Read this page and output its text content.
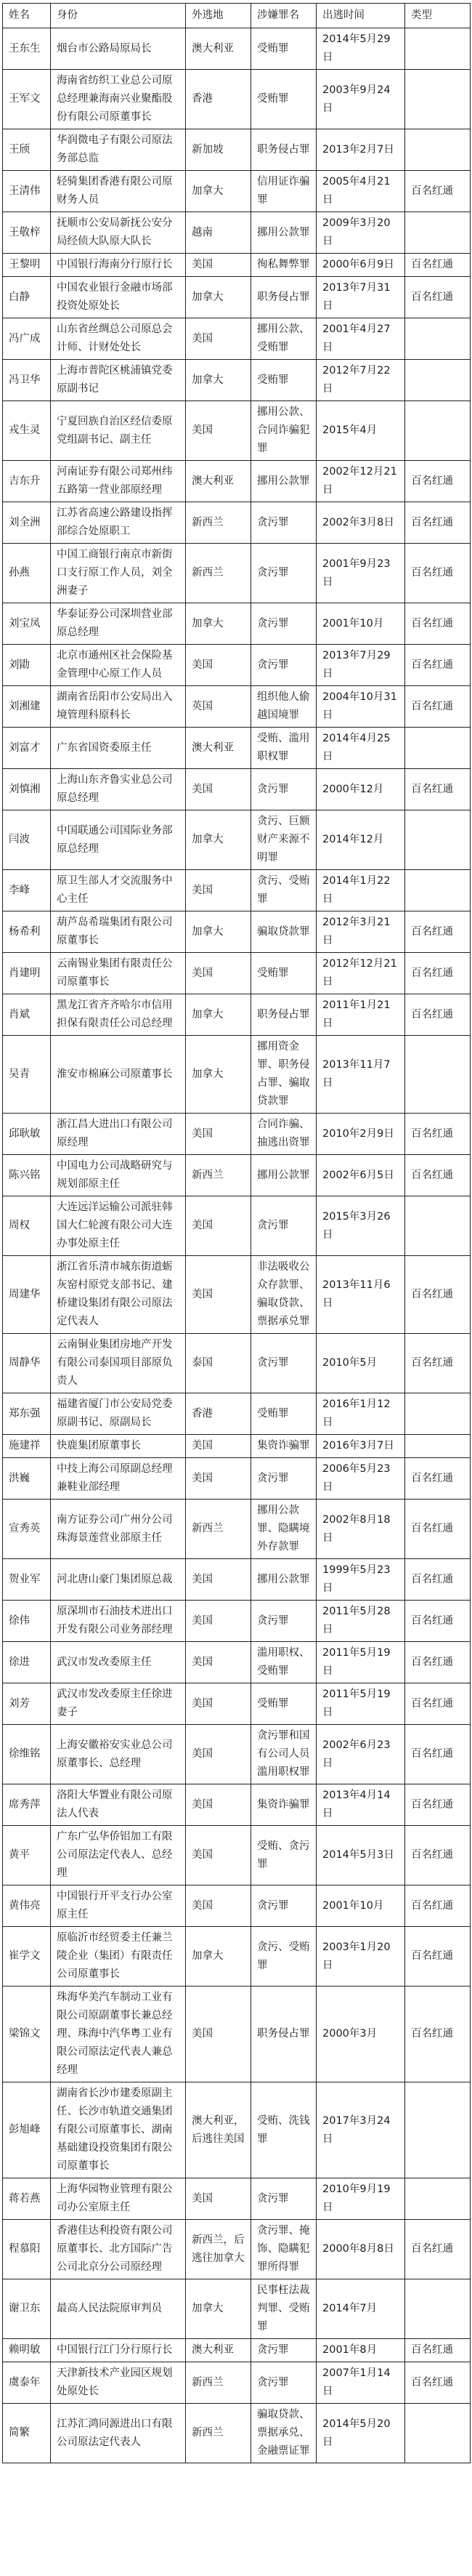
姓名	身份	外逃地	涉嫌罪名	出逃时间	类型
王东生	烟台市公路局原局长	澳大利亚	受贿罪	2014年5月29日	
王军文	海南省纺织工业总公司原总经理兼海南兴业聚酯股份有限公司原董事长	香港	受贿罪	2003年9月24日	
王颀	华润微电子有限公司原法务部总监	新加坡	职务侵占罪	2013年2月7日	
王清伟	轻骑集团香港有限公司原财务人员	加拿大	信用证诈骗罪	2005年4月21日	百名红通
王敬梓	抚顺市公安局新抚公安分局经侦大队原大队长	越南	挪用公款罪	2009年3月20日	
王黎明	中国银行海南分行原行长	美国	徇私舞弊罪	2000年6月9日	百名红通
白静	中国农业银行金融市场部投资处原处长	加拿大	职务侵占罪	2013年7月31日	百名红通
冯广成	山东省丝绸总公司原总会计师、计财处处长	美国	挪用公款、受贿罪	2001年4月27日	
冯卫华	上海市普陀区桃浦镇党委原副书记	加拿大	受贿罪	2012年7月22日	
戎生灵	宁夏回族自治区经信委原党组副书记、副主任	美国	挪用公款、合同诈骗犯罪	2015年4月	
吉东升	河南证券有限公司郑州纬五路第一营业部原经理	澳大利亚	挪用公款罪	2002年12月21日	百名红通
刘全洲	江苏省高速公路建设指挥部综合处原职工	新西兰	贪污罪	2002年3月8日	百名红通
孙燕	中国工商银行南京市新街口支行原工作人员，刘全洲妻子	新西兰	贪污罪	2001年9月23日	百名红通
刘宝凤	华泰证券公司深圳营业部原总经理	加拿大	贪污罪	2001年10月	百名红通
刘勖	北京市通州区社会保险基金管理中心原工作人员	美国	贪污罪	2013年7月29日	百名红通
刘湘建	湖南省岳阳市公安局出入境管理科原科长	英国	组织他人偷越国境罪	2004年10月31日	百名红通
刘富才	广东省国资委原主任	澳大利亚	受贿、滥用职权罪	2014年4月25日	
刘慎湘	上海山东齐鲁实业总公司原总经理	美国	贪污罪	2000年12月	百名红通
闫波	中国联通公司国际业务部原总经理	加拿大	贪污、巨额财产来源不明罪	2014年12月	
李峰	原卫生部人才交流服务中心主任	美国	贪污、受贿罪	2014年1月22日	
杨希利	葫芦岛希瑞集团有限公司原董事长	加拿大	骗取贷款罪	2012年3月21日	百名红通
肖建明	云南锡业集团有限责任公司原董事长	美国	受贿罪	2012年12月21日	百名红通
肖斌	黑龙江省齐齐哈尔市信用担保有限责任公司总经理	加拿大	职务侵占罪	2011年1月21日	百名红通
吴青	淮安市棉麻公司原董事长	加拿大	挪用资金罪、职务侵占罪、骗取贷款罪	2013年11月7日	
邱耿敏	浙江昌大进出口有限公司原经理	美国	合同诈骗、抽逃出资罪	2010年2月9日	百名红通
陈兴铭	中国电力公司战略研究与规划部原主任	新西兰	挪用公款罪	2002年6月5日	百名红通
周权	大连远洋运输公司派驻韩国大仁轮渡有限公司大连办事处原主任	美国	贪污罪	2015年3月26日	
周建华	浙江省乐清市城东街道蛎灰窑村原党支部书记、建桥建设集团有限公司原法定代表人	美国	非法吸收公众存款罪、骗取贷款、票据承兑罪	2013年11月6日	百名红通
周静华	云南铜业集团房地产开发有限公司泰国项目部原负责人	泰国	贪污罪	2010年5月	百名红通
郑东强	福建省厦门市公安局党委原副书记、原副局长	香港	受贿罪	2016年1月12日	
施建祥	快鹿集团原董事长	美国	集资诈骗罪	2016年3月7日	
洪巍	中技上海公司原副总经理兼鞋业部经理	美国	贪污罪	2006年5月23日	百名红通
宣秀英	南方证券公司广州分公司珠海景莲营业部原主任	新西兰	挪用公款罪、隐瞒境外存款罪	2002年8月18日	百名红通
贺业军	河北唐山豪门集团原总裁	美国	挪用公款罪	1999年5月23日	百名红通
徐伟	原深圳市石油技术进出口开发有限公司业务部经理	美国	贪污罪	2011年5月28日	百名红通
徐进	武汉市发改委原主任	美国	滥用职权、受贿罪	2011年5月19日	百名红通
刘芳	武汉市发改委原主任徐进妻子	美国	受贿罪	2011年5月19日	百名红通
徐维铭	上海安徽裕安实业总公司原董事长、总经理	美国	贪污罪和国有公司人员滥用职权罪	2002年6月23日	百名红通
席秀萍	洛阳大华置业有限公司原法人代表	美国	集资诈骗罪	2013年4月14日	百名红通
黄平	广东广弘华侨铝加工有限公司原法定代表人、总经理	美国	受贿、贪污罪	2014年5月3日	百名红通
黄伟亮	中国银行开平支行办公室原主任	美国	贪污罪	2001年10月	百名红通
崔学文	原临沂市经贸委主任兼兰陵企业（集团）有限责任公司原董事长	加拿大	贪污、受贿罪	2003年1月20日	百名红通
梁锦文	珠海华美汽车制动工业有限公司原副董事长兼总经理、珠海中汽华粤工业有限公司原法定代表人兼总经理	美国	职务侵占罪	2000年3月	百名红通
彭旭峰	湖南省长沙市建委原副主任、长沙市轨道交通集团有限公司原董事长、湖南基础建设投资集团有限公司原董事长	澳大利亚，后逃往美国	受贿、洗钱罪	2017年3月24日	
蒋若燕	上海华园物业管理有限公司办公室原主任	美国	贪污罪	2010年9月19日	
程慕阳	香港佳达利投资有限公司原董事长、北方国际广告公司北京分公司原经理	新西兰，后逃往加拿大	贪污罪、掩饰、隐瞒犯罪所得罪	2000年8月8日	百名红通
谢卫东	最高人民法院原审判员	加拿大	民事枉法裁判罪、受贿罪	2014年7月	
赖明敏	中国银行江门分行原行长	澳大利亚	贪污罪	2001年8月	百名红通
虞泰年	天津新技术产业园区规划处原处长	新西兰	贪污罪	2007年1月14日	百名红通
简繁	江苏汇鸿同源进出口有限公司原法定代表人	新西兰	骗取贷款、票据承兑、金融票证罪	2014年5月20日	
